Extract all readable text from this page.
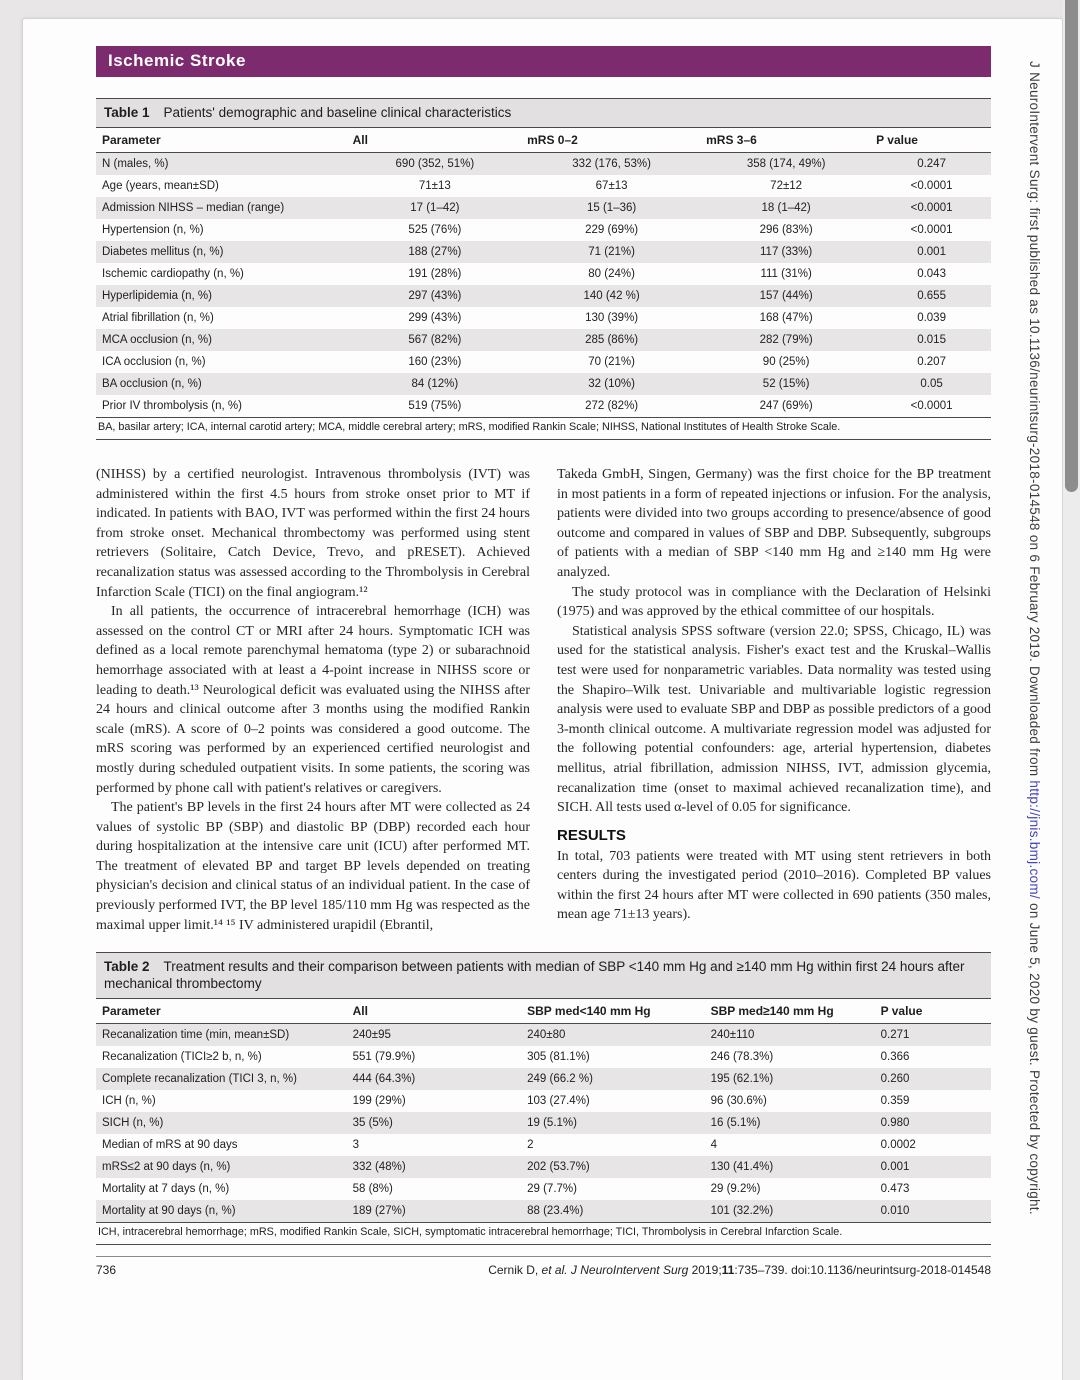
Ischemic Stroke
Table 1 Patients' demographic and baseline clinical characteristics
Parameter	All	mRS 0–2	mRS 3–6	P value
N (males, %)	690 (352, 51%)	332 (176, 53%)	358 (174, 49%)	0.247
Age (years, mean±SD)	71±13	67±13	72±12	<0.0001
Admission NIHSS – median (range)	17 (1–42)	15 (1–36)	18 (1–42)	<0.0001
Hypertension (n, %)	525 (76%)	229 (69%)	296 (83%)	<0.0001
Diabetes mellitus (n, %)	188 (27%)	71 (21%)	117 (33%)	0.001
Ischemic cardiopathy (n, %)	191 (28%)	80 (24%)	111 (31%)	0.043
Hyperlipidemia (n, %)	297 (43%)	140 (42 %)	157 (44%)	0.655
Atrial fibrillation (n, %)	299 (43%)	130 (39%)	168 (47%)	0.039
MCA occlusion (n, %)	567 (82%)	285 (86%)	282 (79%)	0.015
ICA occlusion (n, %)	160 (23%)	70 (21%)	90 (25%)	0.207
BA occlusion (n, %)	84 (12%)	32 (10%)	52 (15%)	0.05
Prior IV thrombolysis (n, %)	519 (75%)	272 (82%)	247 (69%)	<0.0001
BA, basilar artery; ICA, internal carotid artery; MCA, middle cerebral artery; mRS, modified Rankin Scale; NIHSS, National Institutes of Health Stroke Scale.

(NIHSS) by a certified neurologist. Intravenous thrombolysis (IVT) was administered within the first 4.5 hours from stroke onset prior to MT if indicated. In patients with BAO, IVT was performed within the first 24 hours from stroke onset. Mechanical thrombectomy was performed using stent retrievers (Solitaire, Catch Device, Trevo, and pRESET). Achieved recanalization status was assessed according to the Thrombolysis in Cerebral Infarction Scale (TICI) on the final angiogram.¹²

In all patients, the occurrence of intracerebral hemorrhage (ICH) was assessed on the control CT or MRI after 24 hours. Symptomatic ICH was defined as a local remote parenchymal hematoma (type 2) or subarachnoid hemorrhage associated with at least a 4-point increase in NIHSS score or leading to death.¹³ Neurological deficit was evaluated using the NIHSS after 24 hours and clinical outcome after 3 months using the modified Rankin scale (mRS). A score of 0–2 points was considered a good outcome. The mRS scoring was performed by an experienced certified neurologist and mostly during scheduled outpatient visits. In some patients, the scoring was performed by phone call with patient's relatives or caregivers.

The patient's BP levels in the first 24 hours after MT were collected as 24 values of systolic BP (SBP) and diastolic BP (DBP) recorded each hour during hospitalization at the intensive care unit (ICU) after performed MT. The treatment of elevated BP and target BP levels depended on treating physician's decision and clinical status of an individual patient. In the case of previously performed IVT, the BP level 185/110 mm Hg was respected as the maximal upper limit.¹⁴ ¹⁵ IV administered urapidil (Ebrantil,

Takeda GmbH, Singen, Germany) was the first choice for the BP treatment in most patients in a form of repeated injections or infusion. For the analysis, patients were divided into two groups according to presence/absence of good outcome and compared in values of SBP and DBP. Subsequently, subgroups of patients with a median of SBP <140 mm Hg and ≥140 mm Hg were analyzed.

The study protocol was in compliance with the Declaration of Helsinki (1975) and was approved by the ethical committee of our hospitals.

Statistical analysis SPSS software (version 22.0; SPSS, Chicago, IL) was used for the statistical analysis. Fisher's exact test and the Kruskal–Wallis test were used for nonparametric variables. Data normality was tested using the Shapiro–Wilk test. Univariable and multivariable logistic regression analysis were used to evaluate SBP and DBP as possible predictors of a good 3-month clinical outcome. A multivariate regression model was adjusted for the following potential confounders: age, arterial hypertension, diabetes mellitus, atrial fibrillation, admission NIHSS, IVT, admission glycemia, recanalization time (onset to maximal achieved recanalization time), and SICH. All tests used α-level of 0.05 for significance.

RESULTS

In total, 703 patients were treated with MT using stent retrievers in both centers during the investigated period (2010–2016). Completed BP values within the first 24 hours after MT were collected in 690 patients (350 males, mean age 71±13 years).

Table 2 Treatment results and their comparison between patients with median of SBP <140 mm Hg and ≥140 mm Hg within first 24 hours after mechanical thrombectomy
Parameter	All	SBP med<140 mm Hg	SBP med≥140 mm Hg	P value
Recanalization time (min, mean±SD)	240±95	240±80	240±110	0.271
Recanalization (TICI≥2 b, n, %)	551 (79.9%)	305 (81.1%)	246 (78.3%)	0.366
Complete recanalization (TICI 3, n, %)	444 (64.3%)	249 (66.2 %)	195 (62.1%)	0.260
ICH (n, %)	199 (29%)	103 (27.4%)	96 (30.6%)	0.359
SICH (n, %)	35 (5%)	19 (5.1%)	16 (5.1%)	0.980
Median of mRS at 90 days	3	2	4	0.0002
mRS≤2 at 90 days (n, %)	332 (48%)	202 (53.7%)	130 (41.4%)	0.001
Mortality at 7 days (n, %)	58 (8%)	29 (7.7%)	29 (9.2%)	0.473
Mortality at 90 days (n, %)	189 (27%)	88 (23.4%)	101 (32.2%)	0.010
ICH, intracerebral hemorrhage; mRS, modified Rankin Scale, SICH, symptomatic intracerebral hemorrhage; TICI, Thrombolysis in Cerebral Infarction Scale.
736	Cernik D, et al. J NeuroIntervent Surg 2019;11:735–739. doi:10.1136/neurintsurg-2018-014548
J NeuroIntervent Surg: first published as 10.1136/neurintsurg-2018-014548 on 6 February 2019. Downloaded from http://jnis.bmj.com/ on June 5, 2020 by guest. Protected by copyright.
